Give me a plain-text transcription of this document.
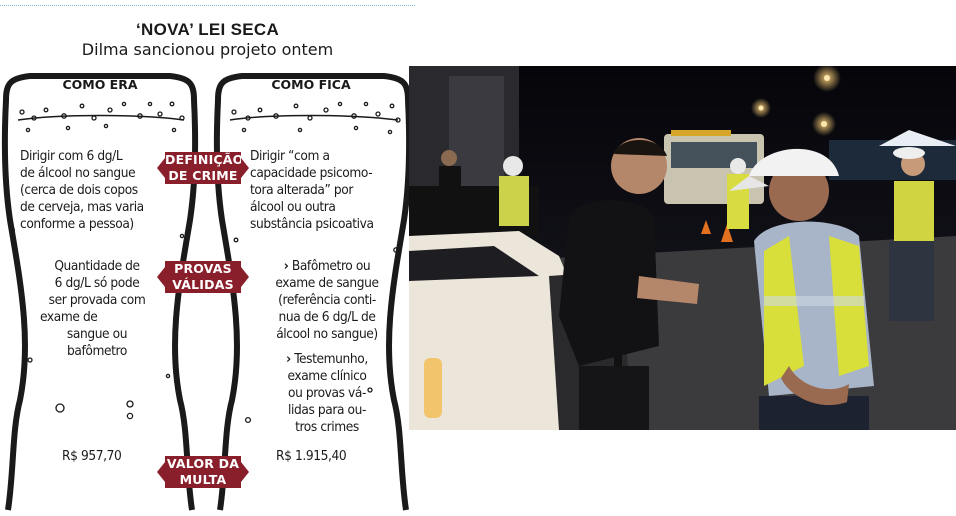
‘NOVA’ LEI SECA
Dilma sancionou projeto ontem
COMO ERA	COMO FICA
Dirigir com 6 dg/L
de álcool no sangue
(cerca de dois copos
de cerveja, mas varia
conforme a pessoa)
DEFINIÇÃO
DE CRIME
Dirigir “com a
capacidade psicomo-
tora alterada” por
álcool ou outra
substância psicoativa
Quantidade de
6 dg/L só pode
ser provada com
exame de
sangue ou
bafômetro
PROVAS
VÁLIDAS
› Bafômetro ou
exame de sangue
(referência conti-
nua de 6 dg/L de
álcool no sangue)
› Testemunho,
exame clínico
ou provas vá-
lidas para ou-
tros crimes
R$ 957,70	VALOR DA
MULTA
R$ 1.915,40
